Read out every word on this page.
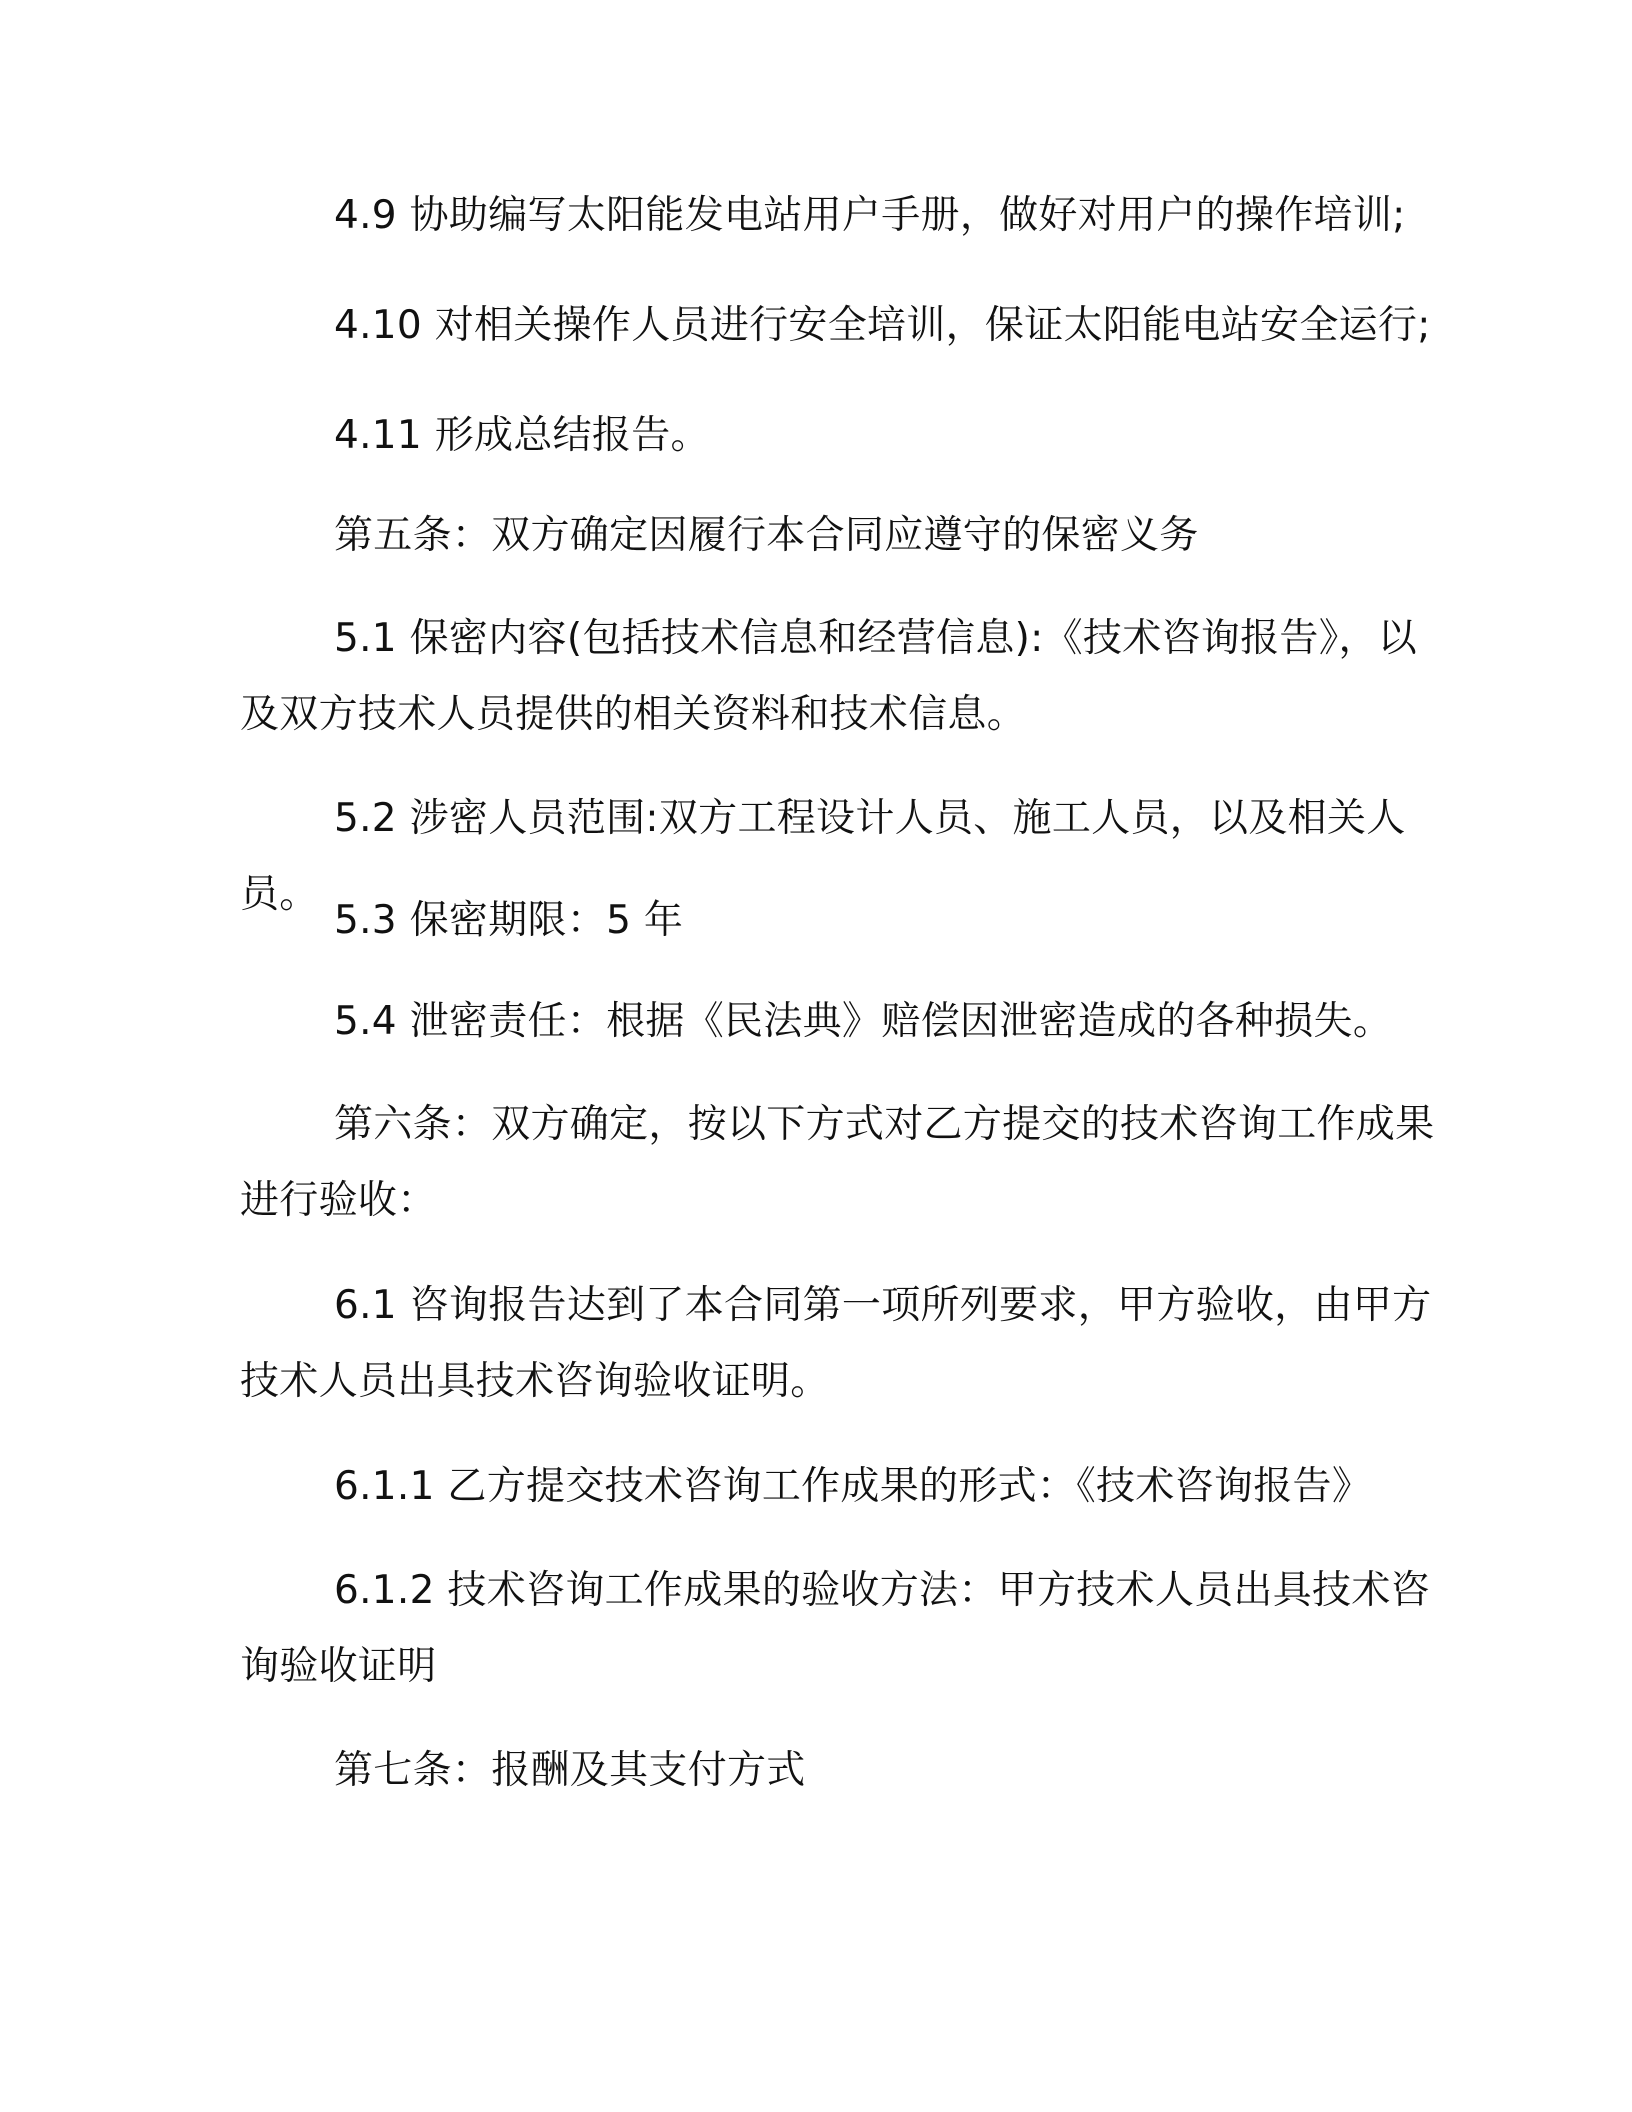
4.9 协助编写太阳能发电站用户手册，做好对用户的操作培训;

4.10 对相关操作人员进行安全培训，保证太阳能电站安全运行;

4.11 形成总结报告。

第五条：双方确定因履行本合同应遵守的保密义务

5.1 保密内容(包括技术信息和经营信息):《技术咨询报告》，以及双方技术人员提供的相关资料和技术信息。

5.2 涉密人员范围:双方工程设计人员、施工人员，以及相关人员。

5.3 保密期限：5 年

5.4 泄密责任：根据《民法典》赔偿因泄密造成的各种损失。

第六条：双方确定，按以下方式对乙方提交的技术咨询工作成果进行验收：

6.1 咨询报告达到了本合同第一项所列要求，甲方验收，由甲方技术人员出具技术咨询验收证明。

6.1.1 乙方提交技术咨询工作成果的形式：《技术咨询报告》

6.1.2 技术咨询工作成果的验收方法：甲方技术人员出具技术咨询验收证明

第七条：报酬及其支付方式
